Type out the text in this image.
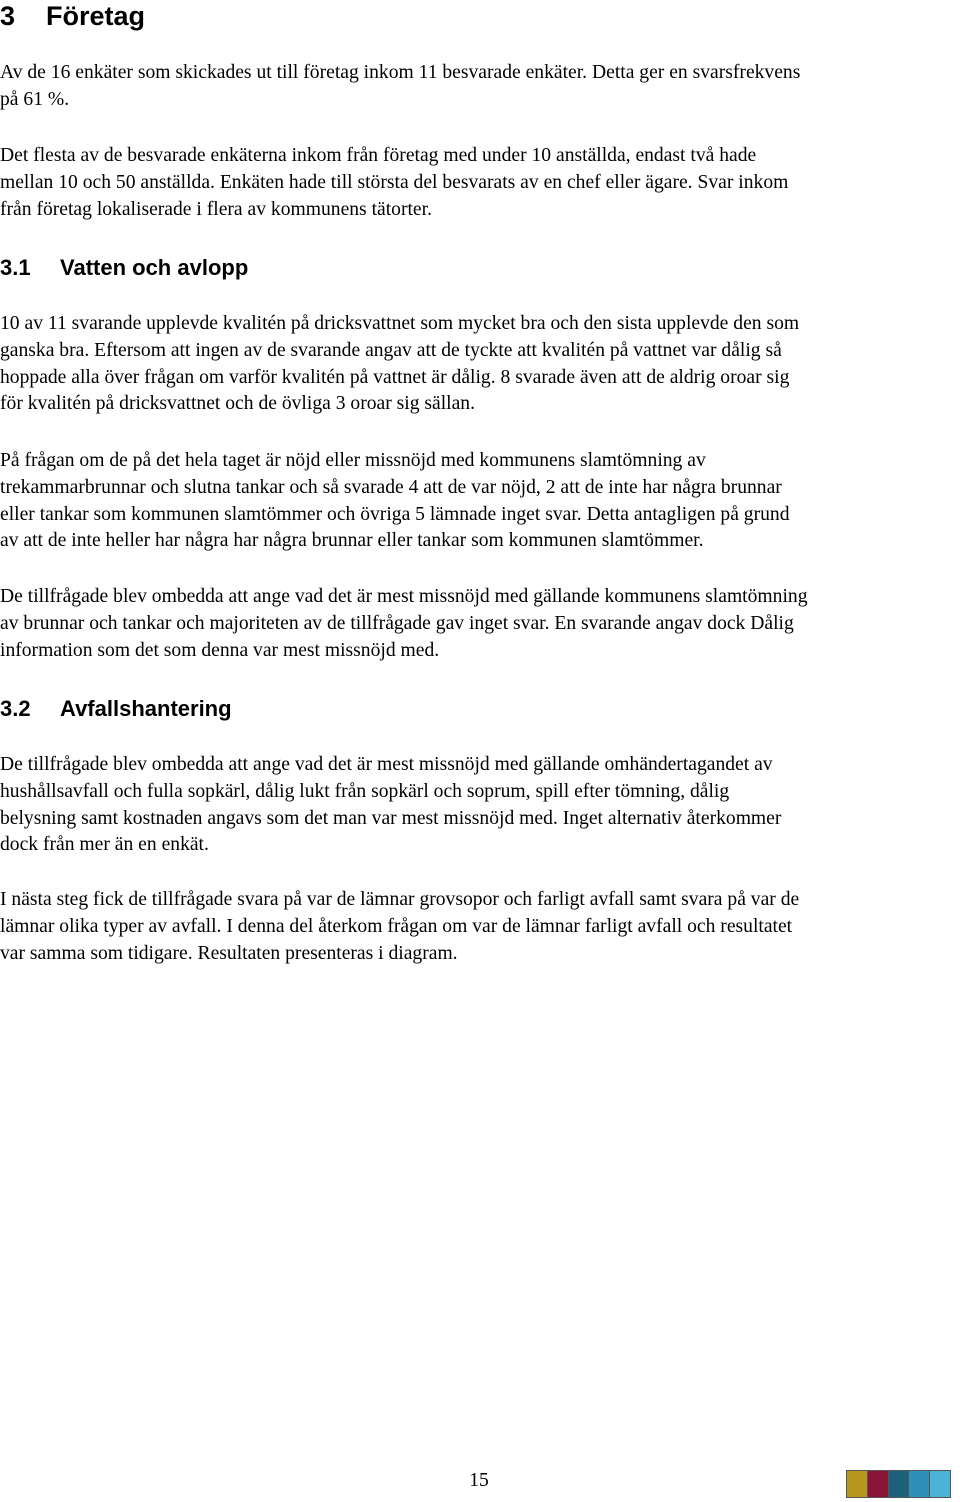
3 Företag

Av de 16 enkäter som skickades ut till företag inkom 11 besvarade enkäter. Detta ger en svarsfrekvens
på 61 %.

Det flesta av de besvarade enkäterna inkom från företag med under 10 anställda, endast två hade
mellan 10 och 50 anställda. Enkäten hade till största del besvarats av en chef eller ägare. Svar inkom
från företag lokaliserade i flera av kommunens tätorter.

3.1 Vatten och avlopp

10 av 11 svarande upplevde kvalitén på dricksvattnet som mycket bra och den sista upplevde den som
ganska bra. Eftersom att ingen av de svarande angav att de tyckte att kvalitén på vattnet var dålig så
hoppade alla över frågan om varför kvalitén på vattnet är dålig. 8 svarade även att de aldrig oroar sig
för kvalitén på dricksvattnet och de övliga 3 oroar sig sällan.

På frågan om de på det hela taget är nöjd eller missnöjd med kommunens slamtömning av
trekammarbrunnar och slutna tankar och så svarade 4 att de var nöjd, 2 att de inte har några brunnar
eller tankar som kommunen slamtömmer och övriga 5 lämnade inget svar. Detta antagligen på grund
av att de inte heller har några har några brunnar eller tankar som kommunen slamtömmer.

De tillfrågade blev ombedda att ange vad det är mest missnöjd med gällande kommunens slamtömning
av brunnar och tankar och majoriteten av de tillfrågade gav inget svar. En svarande angav dock Dålig
information som det som denna var mest missnöjd med.

3.2 Avfallshantering

De tillfrågade blev ombedda att ange vad det är mest missnöjd med gällande omhändertagandet av
hushållsavfall och fulla sopkärl, dålig lukt från sopkärl och soprum, spill efter tömning, dålig
belysning samt kostnaden angavs som det man var mest missnöjd med. Inget alternativ återkommer
dock från mer än en enkät.

I nästa steg fick de tillfrågade svara på var de lämnar grovsopor och farligt avfall samt svara på var de
lämnar olika typer av avfall. I denna del återkom frågan om var de lämnar farligt avfall och resultatet
var samma som tidigare. Resultaten presenteras i diagram.

15
